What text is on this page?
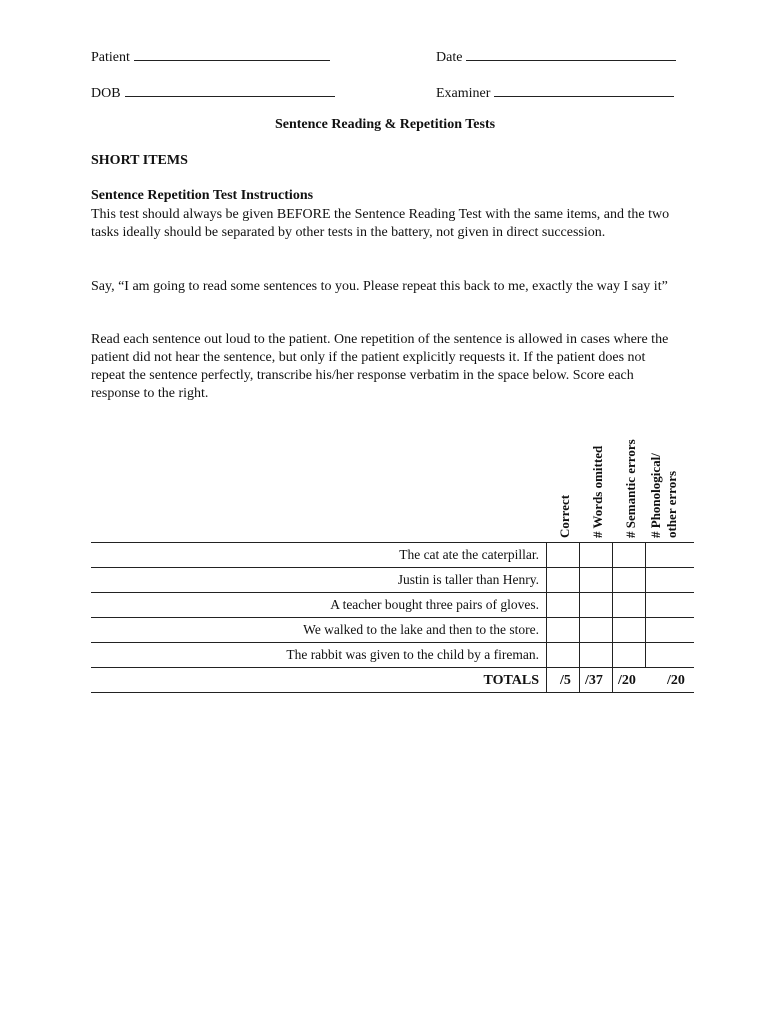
Patient	Date
DOB	Examiner
Sentence Reading & Repetition Tests
SHORT ITEMS
Sentence Repetition Test Instructions
This test should always be given BEFORE the Sentence Reading Test with the same items, and the two tasks ideally should be separated by other tests in the battery, not given in direct succession.
Say, “I am going to read some sentences to you. Please repeat this back to me, exactly the way I say it”
Read each sentence out loud to the patient. One repetition of the sentence is allowed in cases where the patient did not hear the sentence, but only if the patient explicitly requests it. If the patient does not repeat the sentence perfectly, transcribe his/her response verbatim in the space below. Score each response to the right.
Correct # Words omitted # Semantic errors # Phonological/ other errors
The cat ate the caterpillar.
Justin is taller than Henry.
A teacher bought three pairs of gloves.
We walked to the lake and then to the store.
The rabbit was given to the child by a fireman.
TOTALS /5 /37 /20 /20
